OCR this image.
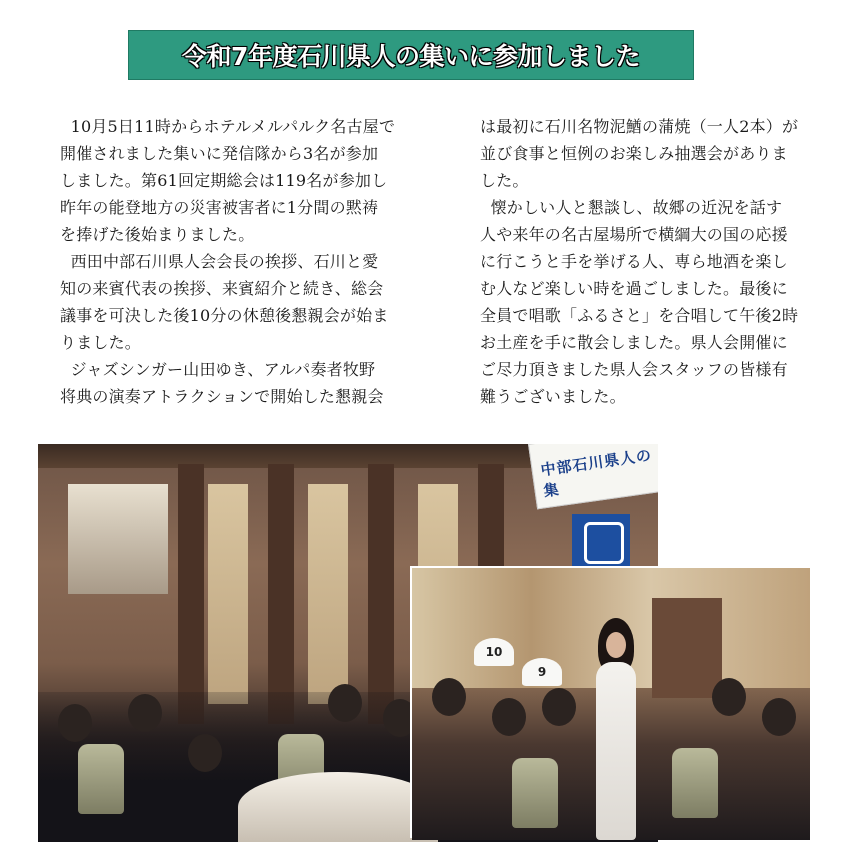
令和7年度石川県人の集いに参加しました

10月5日11時からホテルメルパルク名古屋で

開催されました集いに発信隊から3名が参加

しました。第61回定期総会は119名が参加し

昨年の能登地方の災害被害者に1分間の黙祷

を捧げた後始まりました。

西田中部石川県人会会長の挨拶、石川と愛

知の来賓代表の挨拶、来賓紹介と続き、総会

議事を可決した後10分の休憩後懇親会が始ま

りました。

ジャズシンガー山田ゆき、アルパ奏者牧野

将典の演奏アトラクションで開始した懇親会

は最初に石川名物泥鰌の蒲焼（一人2本）が

並び食事と恒例のお楽しみ抽選会がありま

した。

懐かしい人と懇談し、故郷の近況を話す

人や来年の名古屋場所で横綱大の国の応援

に行こうと手を挙げる人、専ら地酒を楽し

む人など楽しい時を過ごしました。最後に

全員で唱歌「ふるさと」を合唱して午後2時

お土産を手に散会しました。県人会開催に

ご尽力頂きました県人会スタッフの皆様有

難うございました。

中部石川県人の集
10
9
